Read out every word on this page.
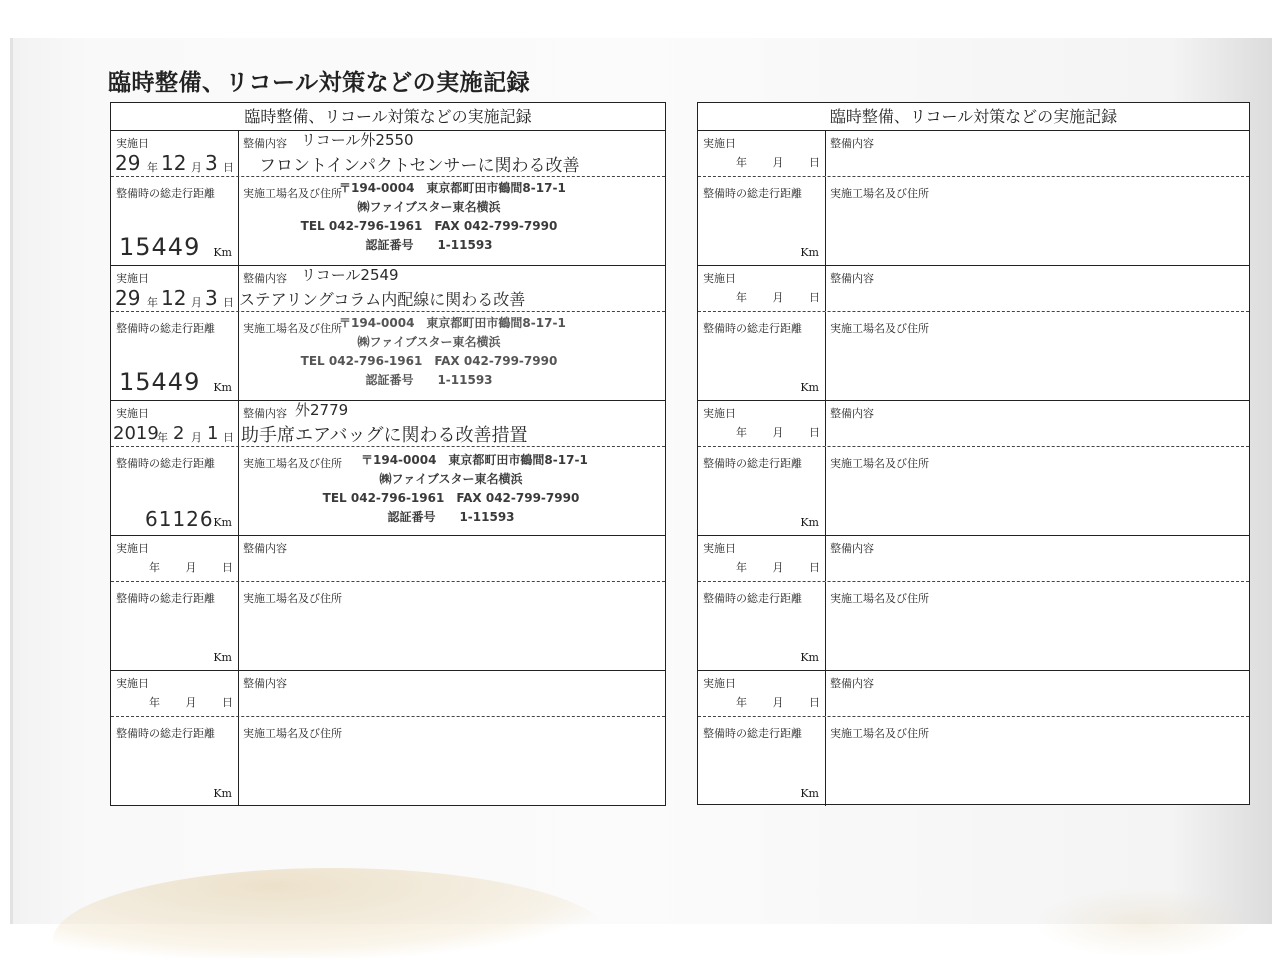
臨時整備、リコール対策などの実施記録
臨時整備、リコール対策などの実施記録
実施日
29 年 12 月 3 日
整備内容 リコール外2550
フロントインパクトセンサーに関わる改善
整備時の総走行距離
15449 Km
実施工場名及び住所
〒194-0004　東京都町田市鶴間8-17-1
㈱ファイブスター東名横浜
TEL 042-796-1961　FAX 042-799-7990
認証番号　　1-11593
実施日
29 年 12 月 3 日
整備内容 リコール2549
ステアリングコラム内配線に関わる改善
整備時の総走行距離
15449 Km
実施工場名及び住所
〒194-0004　東京都町田市鶴間8-17-1
㈱ファイブスター東名横浜
TEL 042-796-1961　FAX 042-799-7990
認証番号　　1-11593
実施日
2019
年 2 月 1 日
整備内容 外2779
助手席エアバッグに関わる改善措置
整備時の総走行距離
61126 Km
実施工場名及び住所	〒194-0004　東京都町田市鶴間8-17-1
㈱ファイブスター東名横浜
TEL 042-796-1961　FAX 042-799-7990
認証番号　　1-11593
実施日
年 月 日
整備内容
整備時の総走行距離
Km
実施工場名及び住所
実施日
年 月 日
整備内容
整備時の総走行距離
Km
実施工場名及び住所
臨時整備、リコール対策などの実施記録
実施日
年 月 日
整備内容
整備時の総走行距離
Km
実施工場名及び住所
実施日
年 月 日
整備内容
整備時の総走行距離
Km
実施工場名及び住所
実施日
年 月 日
整備内容
整備時の総走行距離
Km
実施工場名及び住所
実施日
年 月 日
整備内容
整備時の総走行距離
Km
実施工場名及び住所
実施日
年 月 日
整備内容
整備時の総走行距離
Km
実施工場名及び住所
